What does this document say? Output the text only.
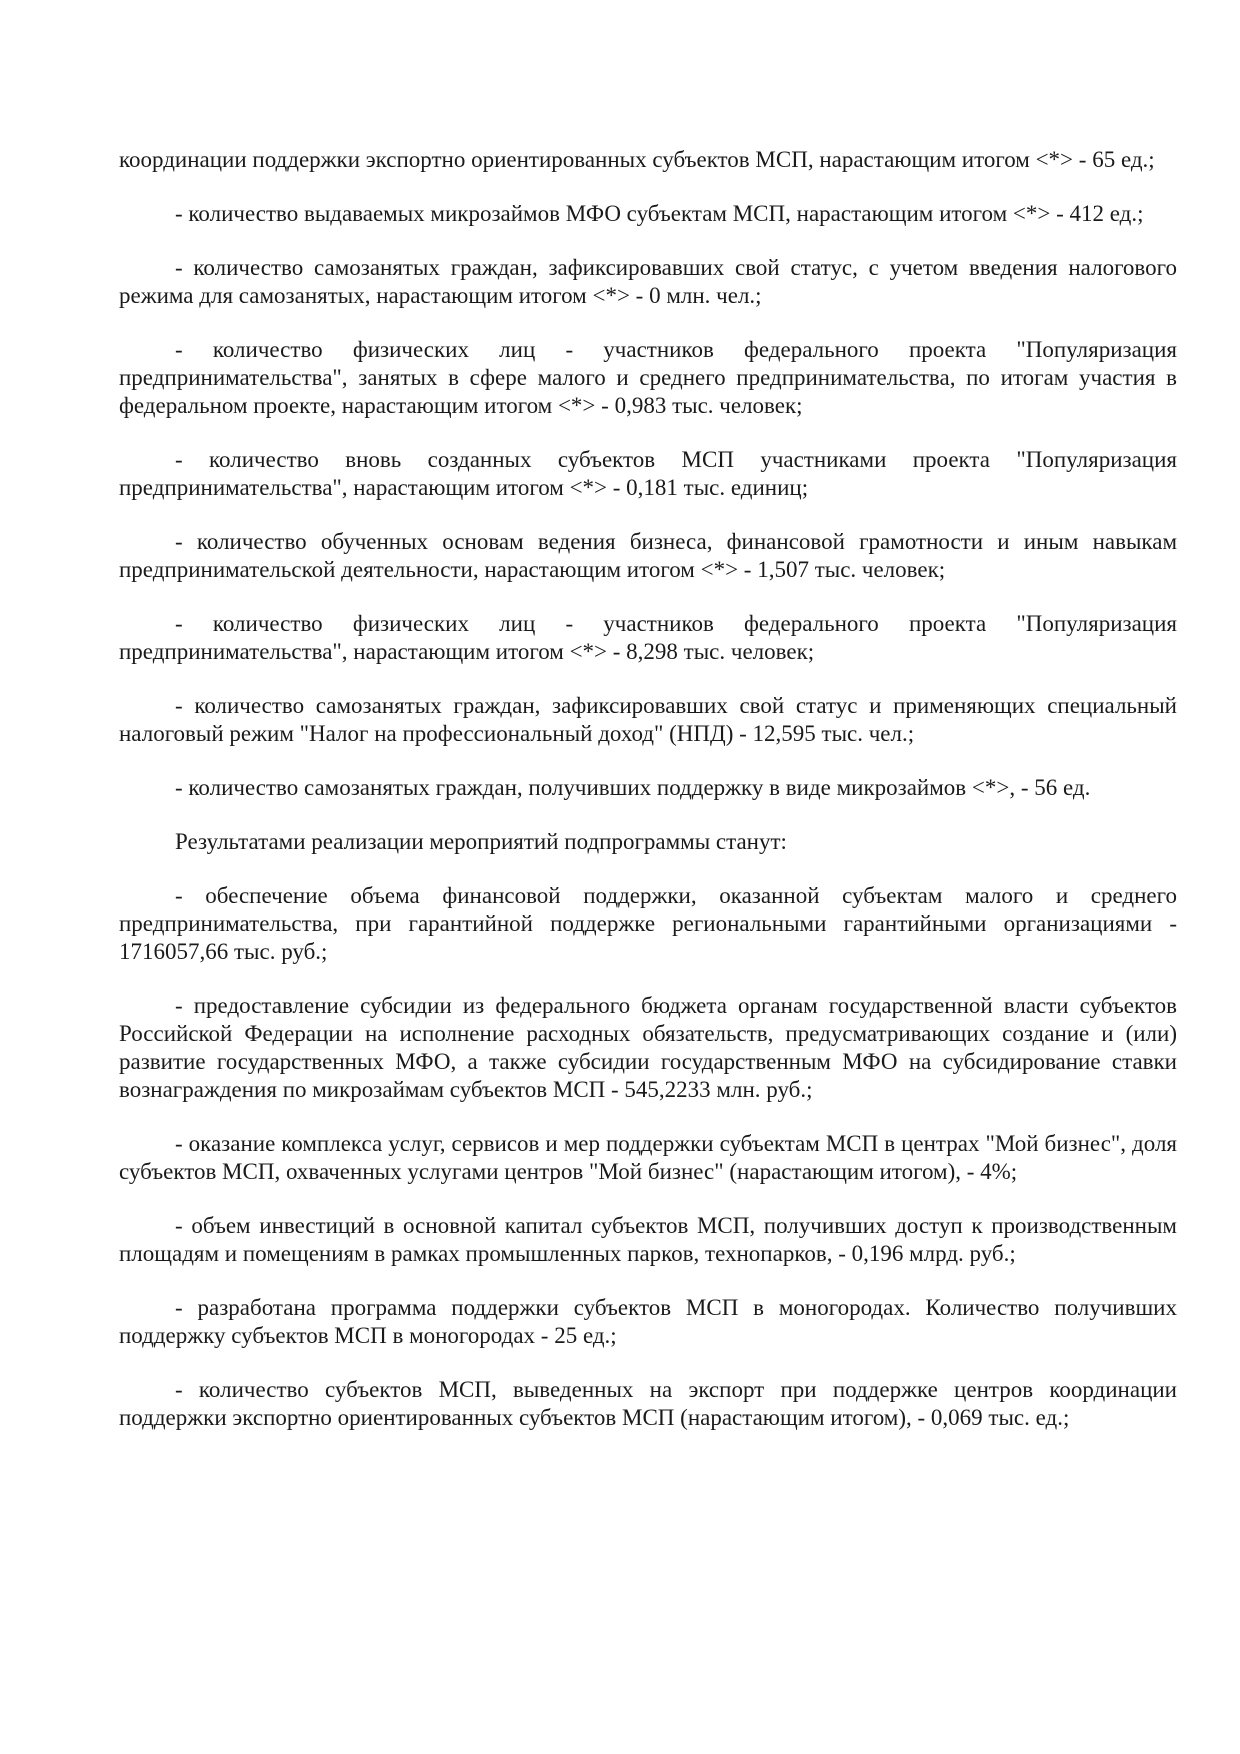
координации поддержки экспортно ориентированных субъектов МСП, нарастающим итогом <*> - 65 ед.;

- количество выдаваемых микрозаймов МФО субъектам МСП, нарастающим итогом <*> - 412 ед.;

- количество самозанятых граждан, зафиксировавших свой статус, с учетом введения налогового режима для самозанятых, нарастающим итогом <*> - 0 млн. чел.;

- количество физических лиц - участников федерального проекта "Популяризация предпринимательства", занятых в сфере малого и среднего предпринимательства, по итогам участия в федеральном проекте, нарастающим итогом <*> - 0,983 тыс. человек;

- количество вновь созданных субъектов МСП участниками проекта "Популяризация предпринимательства", нарастающим итогом <*> - 0,181 тыс. единиц;

- количество обученных основам ведения бизнеса, финансовой грамотности и иным навыкам предпринимательской деятельности, нарастающим итогом <*> - 1,507 тыс. человек;

- количество физических лиц - участников федерального проекта "Популяризация предпринимательства", нарастающим итогом <*> - 8,298 тыс. человек;

- количество самозанятых граждан, зафиксировавших свой статус и применяющих специальный налоговый режим "Налог на профессиональный доход" (НПД) - 12,595 тыс. чел.;

- количество самозанятых граждан, получивших поддержку в виде микрозаймов <*>, - 56 ед.

Результатами реализации мероприятий подпрограммы станут:

- обеспечение объема финансовой поддержки, оказанной субъектам малого и среднего предпринимательства, при гарантийной поддержке региональными гарантийными организациями - 1716057,66 тыс. руб.;

- предоставление субсидии из федерального бюджета органам государственной власти субъектов Российской Федерации на исполнение расходных обязательств, предусматривающих создание и (или) развитие государственных МФО, а также субсидии государственным МФО на субсидирование ставки вознаграждения по микрозаймам субъектов МСП - 545,2233 млн. руб.;

- оказание комплекса услуг, сервисов и мер поддержки субъектам МСП в центрах "Мой бизнес", доля субъектов МСП, охваченных услугами центров "Мой бизнес" (нарастающим итогом), - 4%;

- объем инвестиций в основной капитал субъектов МСП, получивших доступ к производственным площадям и помещениям в рамках промышленных парков, технопарков, - 0,196 млрд. руб.;

- разработана программа поддержки субъектов МСП в моногородах. Количество получивших поддержку субъектов МСП в моногородах - 25 ед.;

- количество субъектов МСП, выведенных на экспорт при поддержке центров координации поддержки экспортно ориентированных субъектов МСП (нарастающим итогом), - 0,069 тыс. ед.;
